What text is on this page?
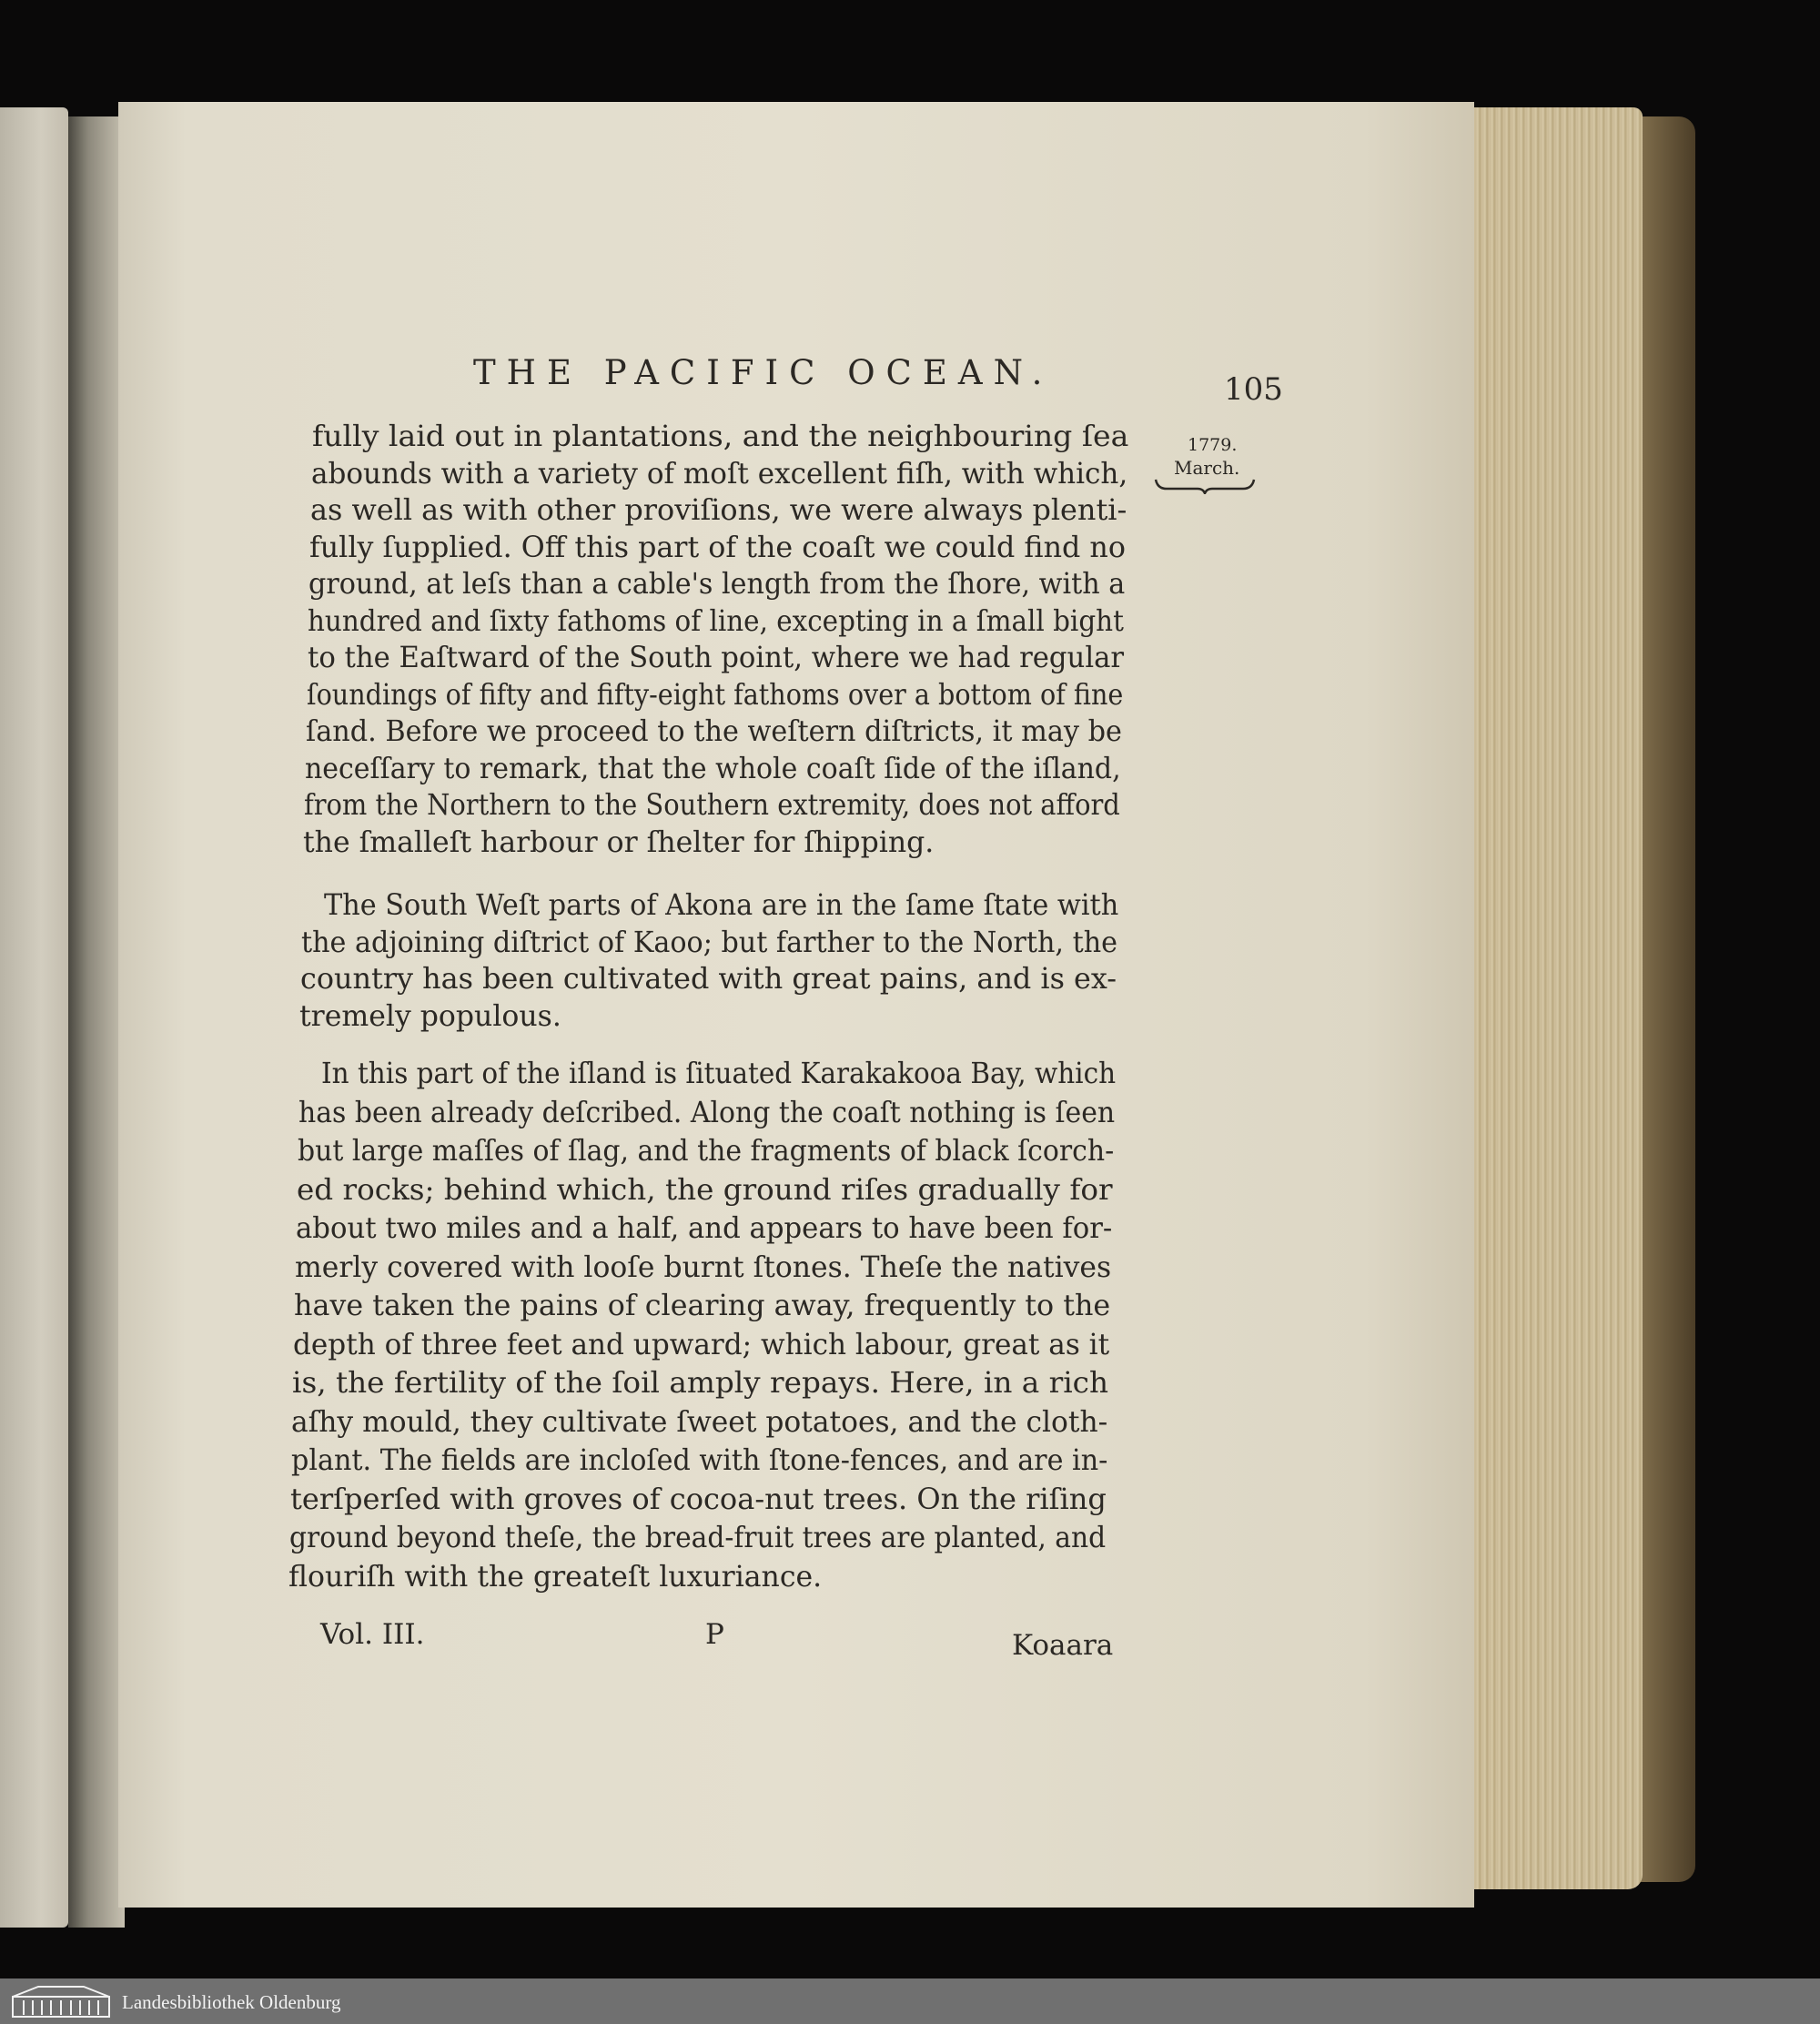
THE PACIFIC OCEAN.	105

1779.

March.

fully laid out in plantations, and the neighbouring ſea
abounds with a variety of moſt excellent fiſh, with which,
as well as with other proviſions, we were always plenti-
fully ſupplied. Off this part of the coaſt we could find no
ground, at leſs than a cable's length from the ſhore, with a
hundred and ſixty fathoms of line, excepting in a ſmall bight
to the Eaſtward of the South point, where we had regular
ſoundings of fifty and fifty-eight fathoms over a bottom of fine
ſand. Before we proceed to the weſtern diſtricts, it may be
neceſſary to remark, that the whole coaſt ſide of the iſland,
from the Northern to the Southern extremity, does not afford
the ſmalleſt harbour or ſhelter for ſhipping.
The South Weſt parts of Akona are in the ſame ſtate with
the adjoining diſtrict of Kaoo; but farther to the North, the
country has been cultivated with great pains, and is ex-
tremely populous.
In this part of the iſland is ſituated Karakakooa Bay, which
has been already deſcribed. Along the coaſt nothing is ſeen
but large maſſes of ſlag, and the fragments of black ſcorch-
ed rocks; behind which, the ground riſes gradually for
about two miles and a half, and appears to have been for-
merly covered with looſe burnt ſtones. Theſe the natives
have taken the pains of clearing away, frequently to the
depth of three feet and upward; which labour, great as it
is, the fertility of the ſoil amply repays. Here, in a rich
aſhy mould, they cultivate ſweet potatoes, and the cloth-
plant. The fields are incloſed with ſtone-fences, and are in-
terſperſed with groves of cocoa-nut trees. On the riſing
ground beyond theſe, the bread-fruit trees are planted, and
flouriſh with the greateſt luxuriance.

Vol. III.	P	Koaara

Landesbibliothek Oldenburg
